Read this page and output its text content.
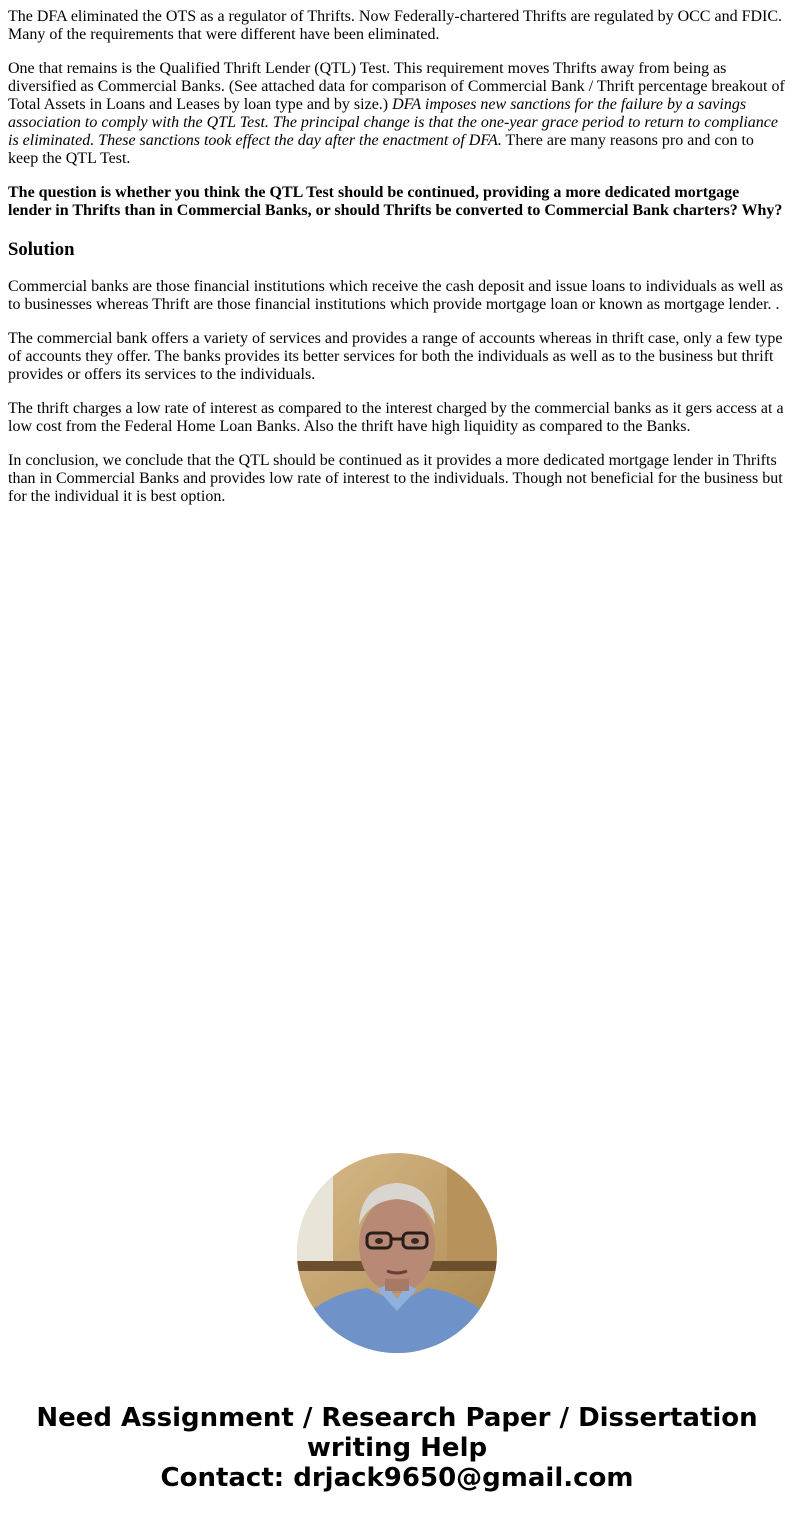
The DFA eliminated the OTS as a regulator of Thrifts. Now Federally-chartered Thrifts are regulated by OCC and FDIC. Many of the requirements that were different have been eliminated.

One that remains is the Qualified Thrift Lender (QTL) Test. This requirement moves Thrifts away from being as diversified as Commercial Banks. (See attached data for comparison of Commercial Bank / Thrift percentage breakout of Total Assets in Loans and Leases by loan type and by size.) DFA imposes new sanctions for the failure by a savings association to comply with the QTL Test. The principal change is that the one-year grace period to return to compliance is eliminated. These sanctions took effect the day after the enactment of DFA. There are many reasons pro and con to keep the QTL Test.

The question is whether you think the QTL Test should be continued, providing a more dedicated mortgage lender in Thrifts than in Commercial Banks, or should Thrifts be converted to Commercial Bank charters? Why?

Solution

Commercial banks are those financial institutions which receive the cash deposit and issue loans to individuals as well as to businesses whereas Thrift are those financial institutions which provide mortgage loan or known as mortgage lender. .

The commercial bank offers a variety of services and provides a range of accounts whereas in thrift case, only a few type of accounts they offer. The banks provides its better services for both the individuals as well as to the business but thrift provides or offers its services to the individuals.

The thrift charges a low rate of interest as compared to the interest charged by the commercial banks as it gers access at a low cost from the Federal Home Loan Banks. Also the thrift have high liquidity as compared to the Banks.

In conclusion, we conclude that the QTL should be continued as it provides a more dedicated mortgage lender in Thrifts than in Commercial Banks and provides low rate of interest to the individuals. Though not beneficial for the business but for the individual it is best option.

Need Assignment / Research Paper / Dissertation
writing Help
Contact: drjack9650@gmail.com
